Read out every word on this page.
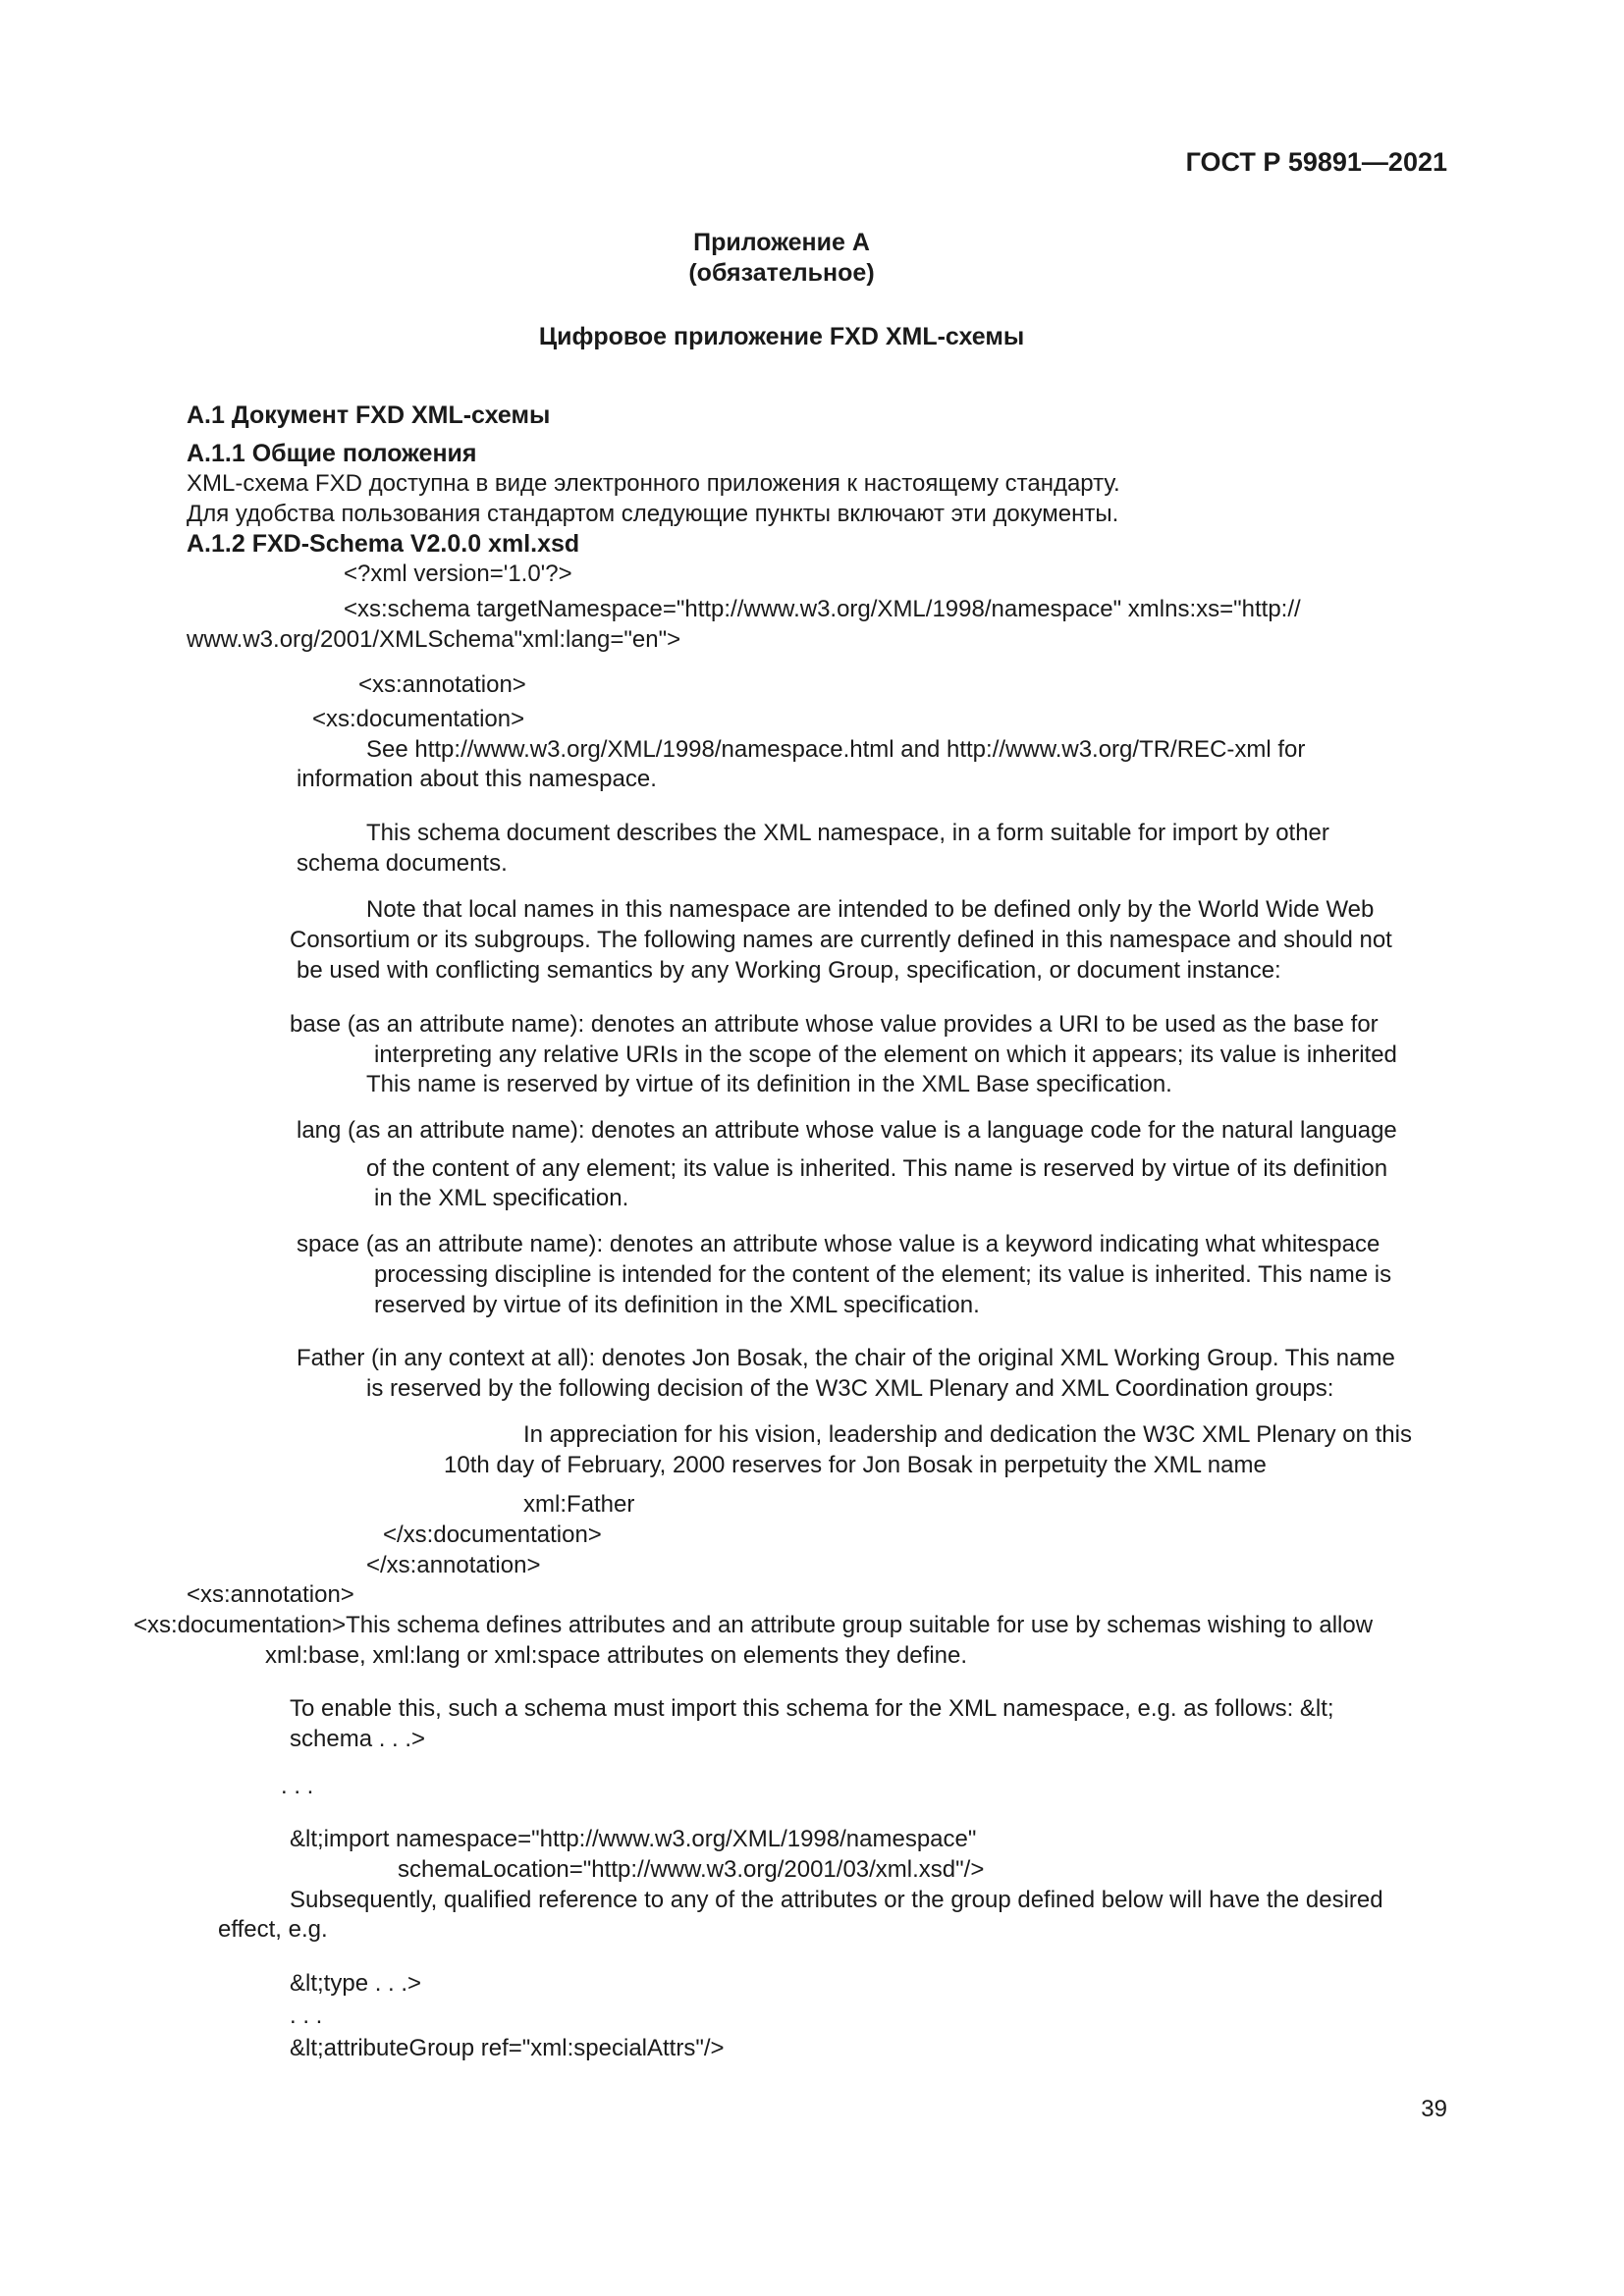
ГОСТ Р 59891—2021
Приложение А
(обязательное)
Цифровое приложение FXD XML-схемы
А.1 Документ FXD XML-схемы
А.1.1 Общие положения
XML-схема FXD доступна в виде электронного приложения к настоящему стандарту.
Для удобства пользования стандартом следующие пункты включают эти документы.
А.1.2 FXD-Schema V2.0.0 xml.xsd
<?xml version='1.0'?>
<xs:schema targetNamespace="http://www.w3.org/XML/1998/namespace" xmlns:xs="http://
www.w3.org/2001/XMLSchema"xml:lang="en">
<xs:annotation>
<xs:documentation>
See http://www.w3.org/XML/1998/namespace.html and http://www.w3.org/TR/REC-xml for
information about this namespace.
This schema document describes the XML namespace, in a form suitable for import by other
schema documents.
Note that local names in this namespace are intended to be defined only by the World Wide Web
Consortium or its subgroups. The following names are currently defined in this namespace and should not
be used with conflicting semantics by any Working Group, specification, or document instance:
base (as an attribute name): denotes an attribute whose value provides a URI to be used as the base for
interpreting any relative URIs in the scope of the element on which it appears; its value is inherited
This name is reserved by virtue of its definition in the XML Base specification.
lang (as an attribute name): denotes an attribute whose value is a language code for the natural language
of the content of any element; its value is inherited. This name is reserved by virtue of its definition
in the XML specification.
space (as an attribute name): denotes an attribute whose value is a keyword indicating what whitespace
processing discipline is intended for the content of the element; its value is inherited. This name is
reserved by virtue of its definition in the XML specification.
Father (in any context at all): denotes Jon Bosak, the chair of the original XML Working Group. This name
is reserved by the following decision of the W3C XML Plenary and XML Coordination groups:
In appreciation for his vision, leadership and dedication the W3C XML Plenary on this
10th day of February, 2000 reserves for Jon Bosak in perpetuity the XML name
xml:Father
</xs:documentation>
</xs:annotation>
<xs:annotation>
<xs:documentation>This schema defines attributes and an attribute group suitable for use by schemas wishing to allow
xml:base, xml:lang or xml:space attributes on elements they define.
To enable this, such a schema must import this schema for the XML namespace, e.g. as follows: &lt;
schema . . .>
. . .
&lt;import namespace="http://www.w3.org/XML/1998/namespace"
schemaLocation="http://www.w3.org/2001/03/xml.xsd"/>
Subsequently, qualified reference to any of the attributes or the group defined below will have the desired
effect, e.g.
&lt;type . . .>
. . .
&lt;attributeGroup ref="xml:specialAttrs"/>
39
